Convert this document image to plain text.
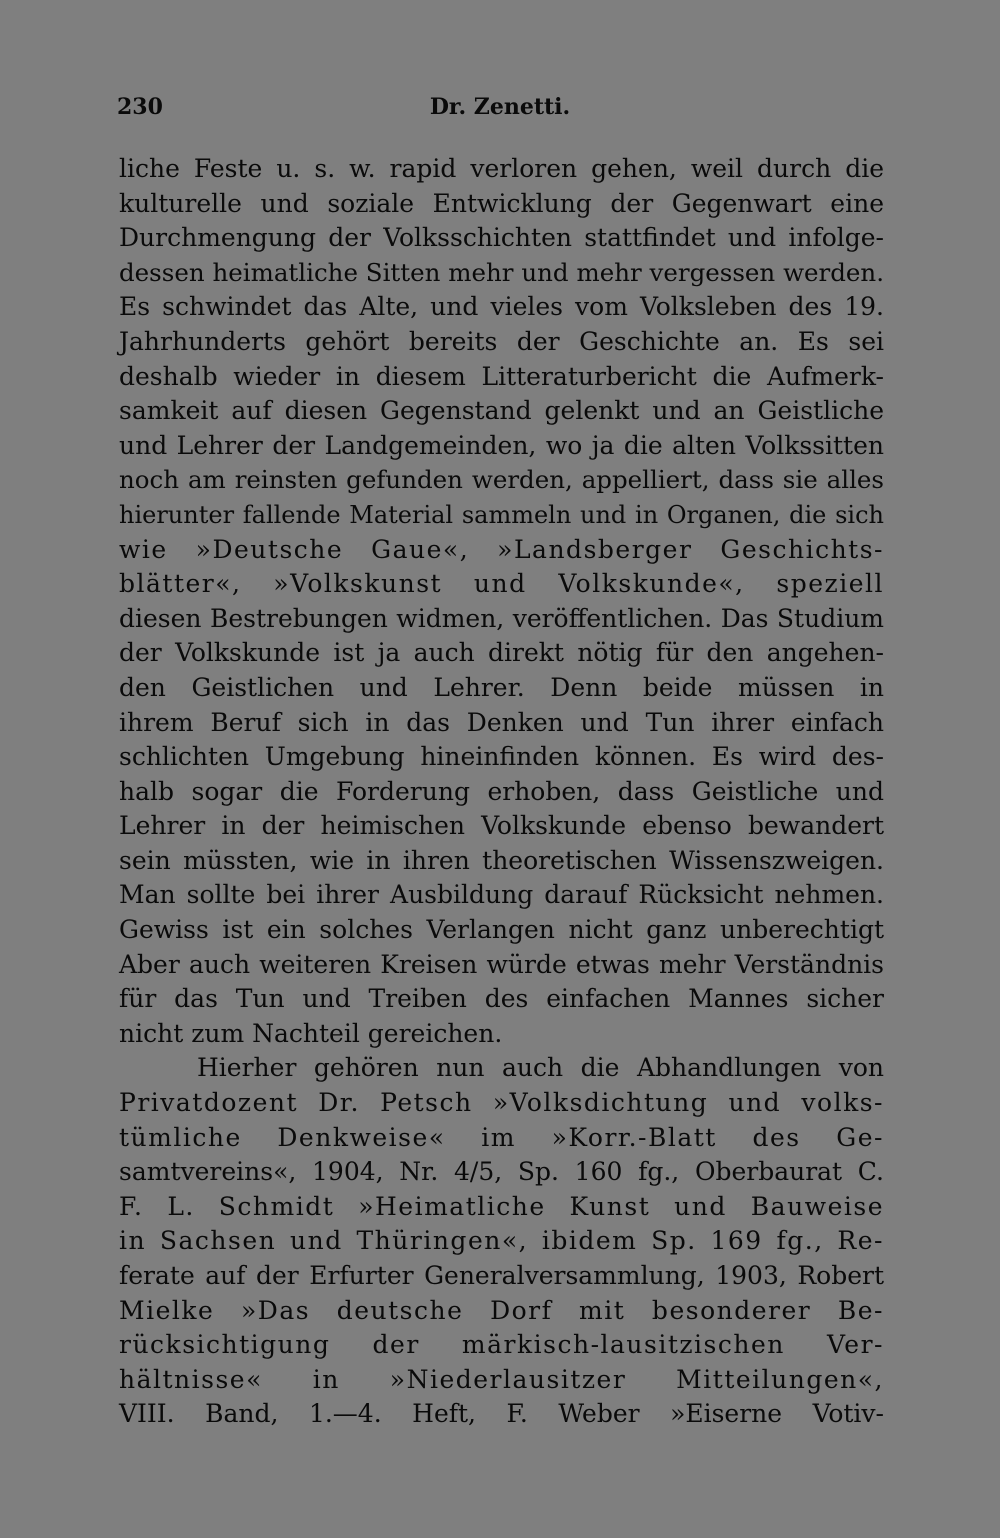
230	Dr. Zenetti.
liche Feste u. s. w. rapid verloren gehen, weil durch die
kulturelle und soziale Entwicklung der Gegenwart eine
Durchmengung der Volksschichten stattfindet und infolge-
dessen heimatliche Sitten mehr und mehr vergessen werden.
Es schwindet das Alte, und vieles vom Volksleben des 19.
Jahrhunderts gehört bereits der Geschichte an. Es sei
deshalb wieder in diesem Litteraturbericht die Aufmerk-
samkeit auf diesen Gegenstand gelenkt und an Geistliche
und Lehrer der Landgemeinden, wo ja die alten Volkssitten
noch am reinsten gefunden werden, appelliert, dass sie alles
hierunter fallende Material sammeln und in Organen, die sich
wie »Deutsche Gaue«, »Landsberger Geschichts-
blätter«, »Volkskunst und Volkskunde«, speziell
diesen Bestrebungen widmen, veröffentlichen. Das Studium
der Volkskunde ist ja auch direkt nötig für den angehen-
den Geistlichen und Lehrer. Denn beide müssen in
ihrem Beruf sich in das Denken und Tun ihrer einfach
schlichten Umgebung hineinfinden können. Es wird des-
halb sogar die Forderung erhoben, dass Geistliche und
Lehrer in der heimischen Volkskunde ebenso bewandert
sein müssten, wie in ihren theoretischen Wissenszweigen.
Man sollte bei ihrer Ausbildung darauf Rücksicht nehmen.
Gewiss ist ein solches Verlangen nicht ganz unberechtigt
Aber auch weiteren Kreisen würde etwas mehr Verständnis
für das Tun und Treiben des einfachen Mannes sicher
nicht zum Nachteil gereichen.
Hierher gehören nun auch die Abhandlungen von
Privatdozent Dr. Petsch »Volksdichtung und volks-
tümliche Denkweise« im »Korr.-Blatt des Ge-
samtvereins«, 1904, Nr. 4/5, Sp. 160 fg., Oberbaurat C.
F. L. Schmidt »Heimatliche Kunst und Bauweise
in Sachsen und Thüringen«, ibidem Sp. 169 fg., Re-
ferate auf der Erfurter Generalversammlung, 1903, Robert
Mielke »Das deutsche Dorf mit besonderer Be-
rücksichtigung der märkisch-lausitzischen Ver-
hältnisse« in »Niederlausitzer Mitteilungen«,
VIII. Band, 1.—4. Heft, F. Weber »Eiserne Votiv-
